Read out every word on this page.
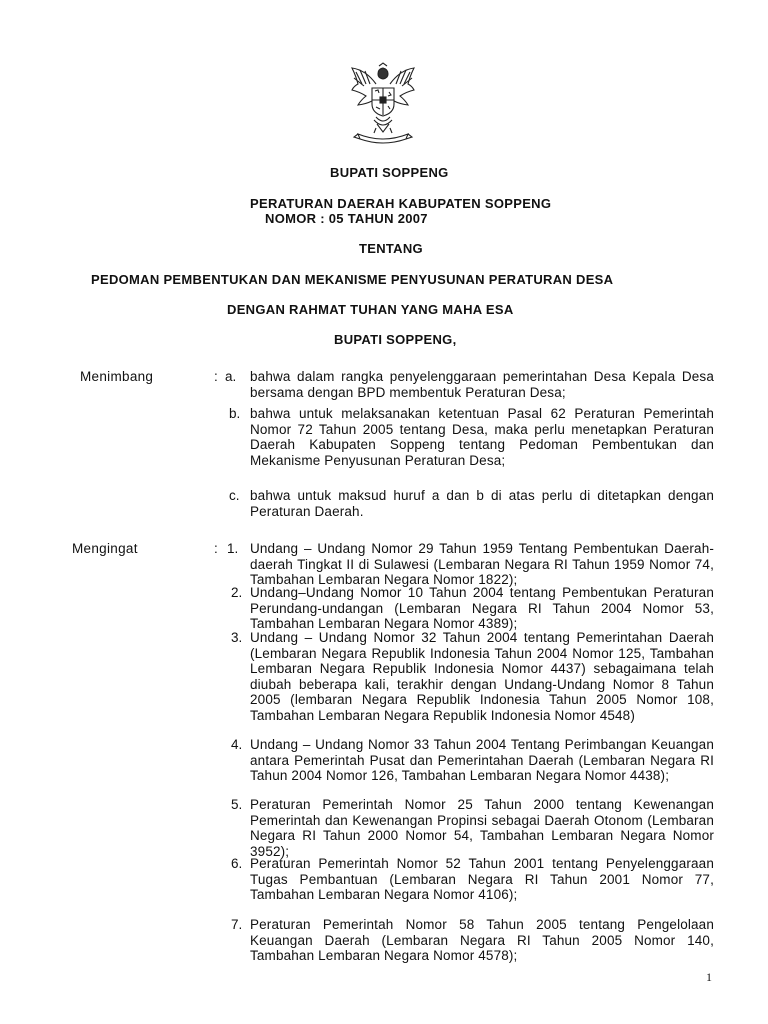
BUPATI SOPPENG
PERATURAN DAERAH KABUPATEN SOPPENG
NOMOR : 05 TAHUN 2007
TENTANG
PEDOMAN PEMBENTUKAN DAN MEKANISME PENYUSUNAN PERATURAN DESA
DENGAN RAHMAT TUHAN YANG MAHA ESA
BUPATI SOPPENG,
Menimbang	: a. bahwa dalam rangka penyelenggaraan pemerintahan Desa Kepala Desa bersama dengan BPD membentuk Peraturan Desa;
b. bahwa untuk melaksanakan ketentuan Pasal 62 Peraturan Pemerintah Nomor 72 Tahun 2005 tentang Desa, maka perlu menetapkan Peraturan Daerah Kabupaten Soppeng tentang Pedoman Pembentukan dan Mekanisme Penyusunan Peraturan Desa;
c. bahwa untuk maksud huruf a dan b di atas perlu di ditetapkan dengan Peraturan Daerah.
Mengingat	: 1. Undang – Undang Nomor 29 Tahun 1959 Tentang Pembentukan Daerah-daerah Tingkat II di Sulawesi (Lembaran Negara RI Tahun 1959 Nomor 74, Tambahan Lembaran Negara Nomor 1822);
2. Undang–Undang Nomor 10 Tahun 2004 tentang Pembentukan Peraturan Perundang-undangan (Lembaran Negara RI Tahun 2004 Nomor 53, Tambahan Lembaran Negara Nomor 4389);
3. Undang – Undang Nomor 32 Tahun 2004 tentang Pemerintahan Daerah (Lembaran Negara Republik Indonesia Tahun 2004 Nomor 125, Tambahan Lembaran Negara Republik Indonesia Nomor 4437) sebagaimana telah diubah beberapa kali, terakhir dengan Undang-Undang Nomor 8 Tahun 2005 (lembaran Negara Republik Indonesia Tahun 2005 Nomor 108, Tambahan Lembaran Negara Republik Indonesia Nomor 4548)
4. Undang – Undang Nomor 33 Tahun 2004 Tentang Perimbangan Keuangan antara Pemerintah Pusat dan Pemerintahan Daerah (Lembaran Negara RI Tahun 2004 Nomor 126, Tambahan Lembaran Negara Nomor 4438);
5. Peraturan Pemerintah Nomor 25 Tahun 2000 tentang Kewenangan Pemerintah dan Kewenangan Propinsi sebagai Daerah Otonom (Lembaran Negara RI Tahun 2000 Nomor 54, Tambahan Lembaran Negara Nomor 3952);
6. Peraturan Pemerintah Nomor 52 Tahun 2001 tentang Penyelenggaraan Tugas Pembantuan (Lembaran Negara RI Tahun 2001 Nomor 77, Tambahan Lembaran Negara Nomor 4106);
7. Peraturan Pemerintah Nomor 58 Tahun 2005 tentang Pengelolaan Keuangan Daerah (Lembaran Negara RI Tahun 2005 Nomor 140, Tambahan Lembaran Negara Nomor 4578);
1
